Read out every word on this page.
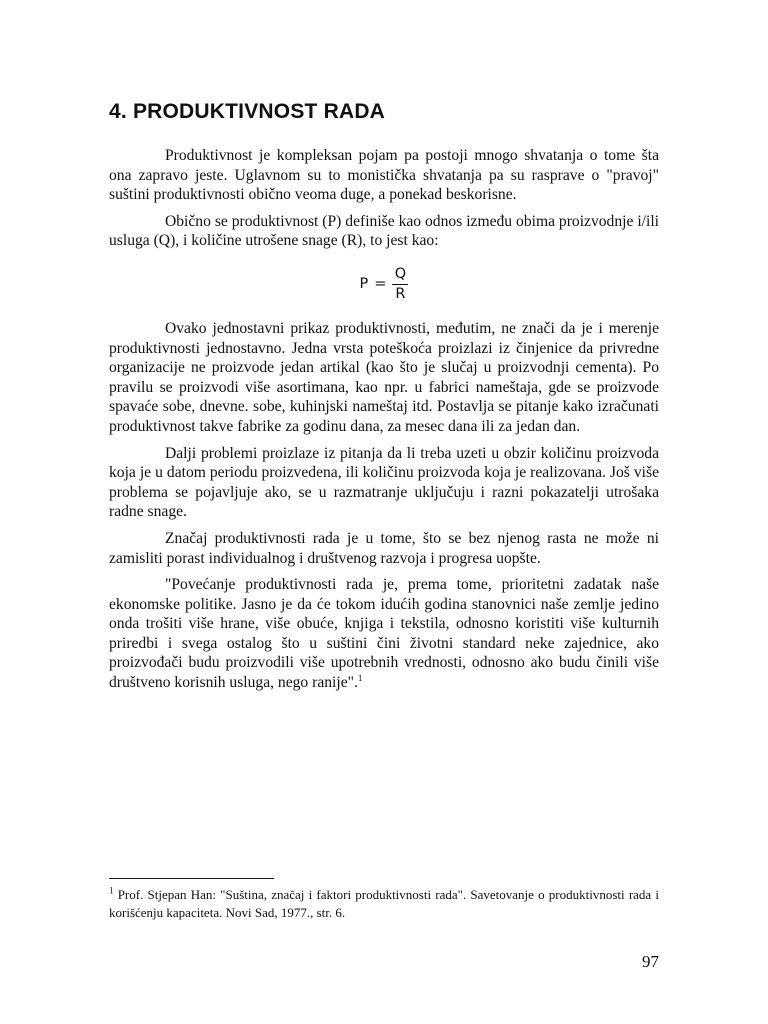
4. PRODUKTIVNOST RADA

Produktivnost je kompleksan pojam pa postoji mnogo shvatanja o tome šta ona zapravo jeste. Uglavnom su to monistička shvatanja pa su rasprave o "pravoj" suštini produktivnosti obično veoma duge, a ponekad beskorisne.

Obično se produktivnost (P) definiše kao odnos između obima proizvodnje i/ili usluga (Q), i količine utrošene snage (R), to jest kao:

$P = \frac{Q}{R}$

Ovako jednostavni prikaz produktivnosti, međutim, ne znači da je i merenje produktivnosti jednostavno. Jedna vrsta poteškoća proizlazi iz činjenice da privredne organizacije ne proizvode jedan artikal (kao što je slučaj u proizvodnji cementa). Po pravilu se proizvodi više asortimana, kao npr. u fabrici nameštaja, gde se proizvode spavaće sobe, dnevne. sobe, kuhinjski nameštaj itd. Postavlja se pitanje kako izračunati produktivnost takve fabrike za godinu dana, za mesec dana ili za jedan dan.

Dalji problemi proizlaze iz pitanja da li treba uzeti u obzir količinu proizvoda koja je u datom periodu proizvedena, ili količinu proizvoda koja je realizovana. Još više problema se pojavljuje ako, se u razmatranje uključuju i razni pokazatelji utrošaka radne snage.

Značaj produktivnosti rada je u tome, što se bez njenog rasta ne može ni zamisliti porast individualnog i društvenog razvoja i progresa uopšte.

"Povećanje produktivnosti rada je, prema tome, prioritetni zadatak naše ekonomske politike. Jasno je da će tokom idućih godina stanovnici naše zemlje jedino onda trošiti više hrane, više obuće, knjiga i tekstila, odnosno koristiti više kulturnih priredbi i svega ostalog što u suštini čini životni standard neke zajednice, ako proizvođači budu proizvodili više upotrebnih vrednosti, odnosno ako budu činili više društveno korisnih usluga, nego ranije".$^1$

$^1$ Prof. Stjepan Han: "Suština, značaj i faktori produktivnosti rada". Savetovanje o produktivnosti rada i korišćenju kapaciteta. Novi Sad, 1977., str. 6.
97
